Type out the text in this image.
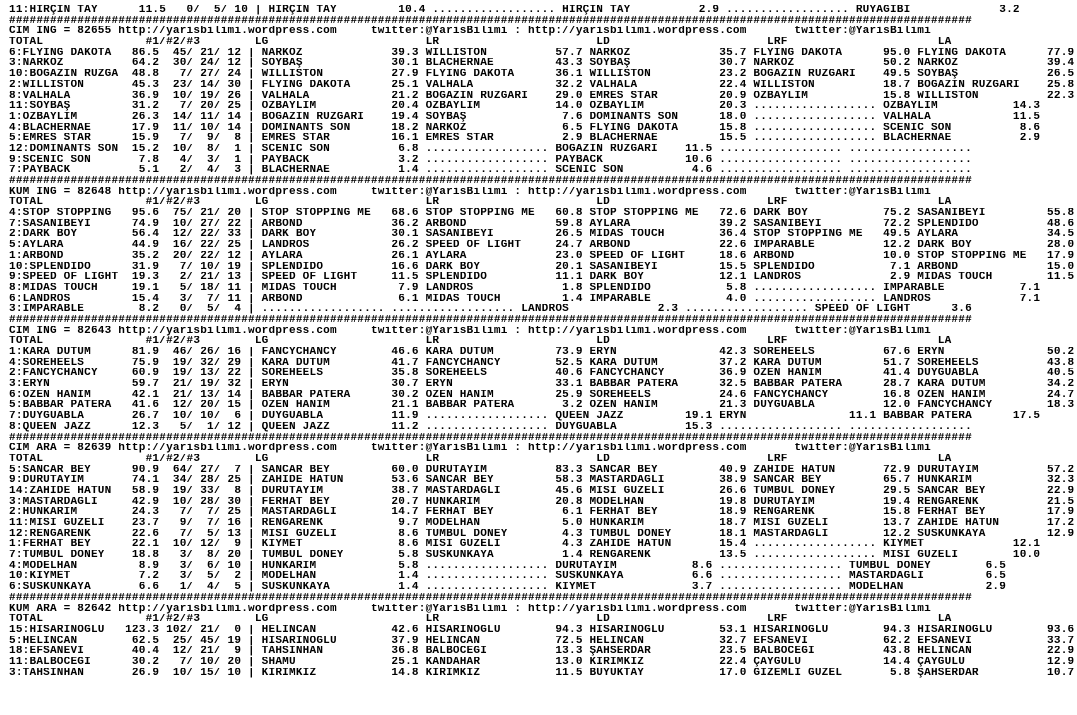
11:HIRÇIN TAY      11.5   0/  5/ 10 | HIRÇIN TAY         10.4 .................. HIRÇIN TAY          2.9 .................. RÜYAGİBİ             3.2
#############################################################################################################################################
CIM ING = 82655 http://yarisbilimi.wordpress.com     twitter:@YarisBilimi : http://yarisbilimi.wordpress.com       twitter:@YarisBilimi
TOTAL               #1/#2/#3        LG                       LR                       LD                       LRF                      LA
6:FLYING DAKOTA   86.5  45/ 21/ 12 | NARKOZ             39.3 WILLISTON          57.7 NARKOZ             35.7 FLYING DAKOTA      95.0 FLYING DAKOTA      77.9
3:NARKOZ          64.2  30/ 24/ 12 | SOYBAŞ             30.1 BLACHERNAE         43.3 SOYBAŞ             30.7 NARKOZ             50.2 NARKOZ             39.4
10:BOĞAZIN RÜZGA  48.8   7/ 27/ 24 | WILLISTON          27.9 FLYING DAKOTA      36.1 WILLISTON          23.2 BOĞAZIN RÜZGARI    49.5 SOYBAŞ             26.5
2:WILLISTON       45.3  23/ 14/ 30 | FLYING DAKOTA      25.1 VALHALA            32.2 VALHALA            22.4 WILLISTON          18.7 BOĞAZIN RÜZGARI    25.8
8:VALHALA         36.9  10/ 19/ 26 | VALHALA            21.2 BOĞAZIN RÜZGARI    29.0 EMRES STAR         20.9 ÖZBAYLIM           15.8 WILLISTON          22.3
11:SOYBAŞ         31.2   7/ 20/ 25 | ÖZBAYLIM           20.4 ÖZBAYLIM           14.0 ÖZBAYLIM           20.3 .................. ÖZBAYLIM           14.3
1:ÖZBAYLIM        26.3  14/ 11/ 14 | BOĞAZIN RÜZGARI    19.4 SOYBAŞ              7.6 DOMINANTS SON      18.0 .................. VALHALA            11.5
4:BLACHERNAE      17.9  11/ 10/ 14 | DOMINANTS SON      18.2 NARKOZ              6.5 FLYING DAKOTA      15.8 .................. SCENIC SON          8.6
5:EMRES STAR      15.9   7/  9/  8 | EMRES STAR         16.1 EMRES STAR          2.9 BLACHERNAE         15.5 .................. BLACHERNAE          2.9
12:DOMINANTS SON  15.2  10/  8/  1 | SCENIC SON          6.8 .................. BOĞAZIN RÜZGARI    11.5 .................. ..................
9:SCENIC SON       7.8   4/  3/  1 | PAYBACK             3.2 .................. PAYBACK            10.6 .................. ..................
7:PAYBACK          5.1   2/  4/  3 | BLACHERNAE          1.4 .................. SCENIC SON          4.6 .................. ..................
#############################################################################################################################################
KUM ING = 82648 http://yarisbilimi.wordpress.com     twitter:@YarisBilimi : http://yarisbilimi.wordpress.com       twitter:@YarisBilimi
TOTAL               #1/#2/#3        LG                       LR                       LD                       LRF                      LA
4:STOP STOPPING   95.6  75/ 21/ 20 | STOP STOPPING ME   68.6 STOP STOPPING ME   60.8 STOP STOPPING ME   72.6 DARK BOY           75.2 SASANİBEYİ         55.8
7:SASANİBEYİ      74.9  10/ 27/ 22 | ARBOND             36.2 ARBOND             59.8 AYLARA             39.2 SASANİBEYİ         72.2 SPLENDIDO          48.6
2:DARK BOY        56.4  12/ 22/ 33 | DARK BOY           30.1 SASANİBEYİ         26.5 MIDAS TOUCH        36.4 STOP STOPPING ME   49.5 AYLARA             34.5
5:AYLARA          44.9  16/ 22/ 25 | LANDROS            26.2 SPEED OF LIGHT     24.7 ARBOND             22.6 IMPARABLE          12.2 DARK BOY           28.0
1:ARBOND          35.2  20/ 22/ 12 | AYLARA             26.1 AYLARA             23.0 SPEED OF LIGHT     18.6 ARBOND             10.0 STOP STOPPING ME   17.9
10:SPLENDIDO      31.9   7/ 10/ 19 | SPLENDIDO          16.6 DARK BOY           20.1 SASANİBEYİ         15.5 SPLENDIDO           7.1 ARBOND             15.0
9:SPEED OF LIGHT  19.3   2/ 21/ 13 | SPEED OF LIGHT     11.5 SPLENDIDO          11.1 DARK BOY           12.1 LANDROS             2.9 MIDAS TOUCH        11.5
8:MIDAS TOUCH     19.1   5/ 18/ 11 | MIDAS TOUCH         7.9 LANDROS             1.8 SPLENDIDO           5.8 .................. IMPARABLE           7.1
6:LANDROS         15.4   3/  7/ 11 | ARBOND              6.1 MIDAS TOUCH         1.4 IMPARABLE           4.0 .................. LANDROS             7.1
3:IMPARABLE        8.2   0/  5/  4 | .................. .................. LANDROS             2.3 .................. SPEED OF LIGHT      3.6
#############################################################################################################################################
CIM ING = 82643 http://yarisbilimi.wordpress.com     twitter:@YarisBilimi : http://yarisbilimi.wordpress.com       twitter:@YarisBilimi
TOTAL               #1/#2/#3        LG                       LR                       LD                       LRF                      LA
1:KARA DUTUM      81.9  46/ 26/ 16 | FANCYCHANCY        46.6 KARA DUTUM         73.9 ERYN               42.3 SOREHEELS          67.6 ERYN               50.2
4:SOREHEELS       75.9  19/ 32/ 29 | KARA DUTUM         41.7 FANCYCHANCY        52.5 KARA DUTUM         37.2 KARA DUTUM         51.7 SOREHEELS          43.8
2:FANCYCHANCY     60.9  19/ 13/ 22 | SOREHEELS          35.8 SOREHEELS          40.6 FANCYCHANCY        36.9 ÖZEN HANIM         41.4 DUYGUABLA          40.5
3:ERYN            59.7  21/ 19/ 32 | ERYN               30.7 ERYN               33.1 BABBAR PATERA      32.5 BABBAR PATERA      28.7 KARA DUTUM         34.2
6:ÖZEN HANIM      42.1  21/ 13/ 14 | BABBAR PATERA      30.2 ÖZEN HANIM         25.9 SOREHEELS          24.6 FANCYCHANCY        16.8 ÖZEN HANIM         24.7
5:BABBAR PATERA   41.6  12/ 20/ 15 | ÖZEN HANIM         21.1 BABBAR PATERA       3.2 ÖZEN HANIM         21.3 DUYGUABLA          12.0 FANCYCHANCY        18.3
7:DUYGUABLA       26.7  10/ 10/  6 | DUYGUABLA          11.9 .................. QUEEN JAZZ         19.1 ERYN               11.1 BABBAR PATERA      17.5
8:QUEEN JAZZ      12.3   5/  1/ 12 | QUEEN JAZZ         11.2 .................. DUYGUABLA          15.3 .................. ..................
#############################################################################################################################################
CIM ARA = 82639 http://yarisbilimi.wordpress.com     twitter:@YarisBilimi : http://yarisbilimi.wordpress.com       twitter:@YarisBilimi
TOTAL               #1/#2/#3        LG                       LR                       LD                       LRF                      LA
5:SANCAR BEY      90.9  64/ 27/  7 | SANCAR BEY         60.0 DURUTAYIM          83.3 SANCAR BEY         40.9 ZAHİDE HATUN       72.9 DURUTAYIM          57.2
9:DURUTAYIM       74.1  34/ 28/ 25 | ZAHİDE HATUN       53.6 SANCAR BEY         58.3 MASTARDAĞLI        38.9 SANCAR BEY         65.7 HÜNKARIM           32.3
14:ZAHİDE HATUN   58.9  19/ 33/  8 | DURUTAYIM          38.7 MASTARDAĞLI        45.6 MİSİ GÜZELİ        26.6 TUMBUL DONEY       29.5 SANCAR BEY         22.9
3:MASTARDAĞLI     42.9  10/ 28/ 30 | FERHAT BEY         20.7 HÜNKARIM           20.8 MODELHAN           19.8 DURUTAYIM          19.4 RENGARENK          21.5
2:HÜNKARIM        24.3   7/  7/ 25 | MASTARDAĞLI        14.7 FERHAT BEY          6.1 FERHAT BEY         18.9 RENGARENK          15.8 FERHAT BEY         17.9
11:MİSİ GÜZELİ    23.7   9/  7/ 16 | RENGARENK           9.7 MODELHAN            5.0 HÜNKARIM           18.7 MİSİ GÜZELİ        13.7 ZAHİDE HATUN       17.2
12:RENGARENK      22.6   7/  5/ 13 | MİSİ GÜZELİ         8.6 TUMBUL DONEY        4.3 TUMBUL DONEY       18.1 MASTARDAĞLI        12.2 SUSKUNKAYA         12.9
1:FERHAT BEY      22.1  10/ 12/  9 | KIYMET              8.6 MİSİ GÜZELİ         4.3 ZAHİDE HATUN       15.4 .................. KIYMET             12.1
7:TUMBUL DONEY    18.8   3/  8/ 20 | TUMBUL DONEY        5.8 SUSKUNKAYA          1.4 RENGARENK          13.5 .................. MİSİ GÜZELİ        10.0
4:MODELHAN         8.9   3/  6/ 10 | HÜNKARIM            5.8 .................. DURUTAYIM           8.6 .................. TUMBUL DONEY        6.5
10:KIYMET          7.2   3/  5/  2 | MODELHAN            1.4 .................. SUSKUNKAYA          6.6 .................. MASTARDAĞLI         6.5
6:SUSKUNKAYA       6.6   1/  4/  5 | SUSKUNKAYA          1.4 .................. KIYMET              3.7 .................. MODELHAN            2.9
#############################################################################################################################################
KUM ARA = 82642 http://yarisbilimi.wordpress.com     twitter:@YarisBilimi : http://yarisbilimi.wordpress.com       twitter:@YarisBilimi
TOTAL               #1/#2/#3        LG                       LR                       LD                       LRF                      LA
15:HİSARINOĞLU   123.3 102/ 21/  0 | HELİNCAN           42.6 HİSARINOĞLU        94.3 HİSARINOĞLU        53.1 HİSARINOĞLU        94.3 HİSARINOĞLU        93.6
5:HELİNCAN        62.5  25/ 45/ 19 | HİSARINOĞLU        37.9 HELİNCAN           72.5 HELİNCAN           32.7 EFSANEVİ           62.2 EFSANEVİ           33.7
18:EFSANEVİ       40.4  12/ 21/  9 | TAHSİNHAN          36.8 BALBÖCEĞİ          13.3 ŞAHSERDAR          23.5 BALBÖCEĞİ          43.8 HELİNCAN           22.9
11:BALBÖCEĞİ      30.2   7/ 10/ 20 | SHAMU              25.1 KANDAHAR           13.0 KIRIMKIZ           22.4 ÇAYGÜLÜ            14.4 ÇAYGÜLÜ            12.9
3:TAHSİNHAN       26.9  10/ 15/ 10 | KIRIMKIZ           14.8 KIRIMKIZ           11.5 BÜYÜKTAY           17.0 GİZEMLİ GÜZEL       5.8 ŞAHSERDAR          10.7
